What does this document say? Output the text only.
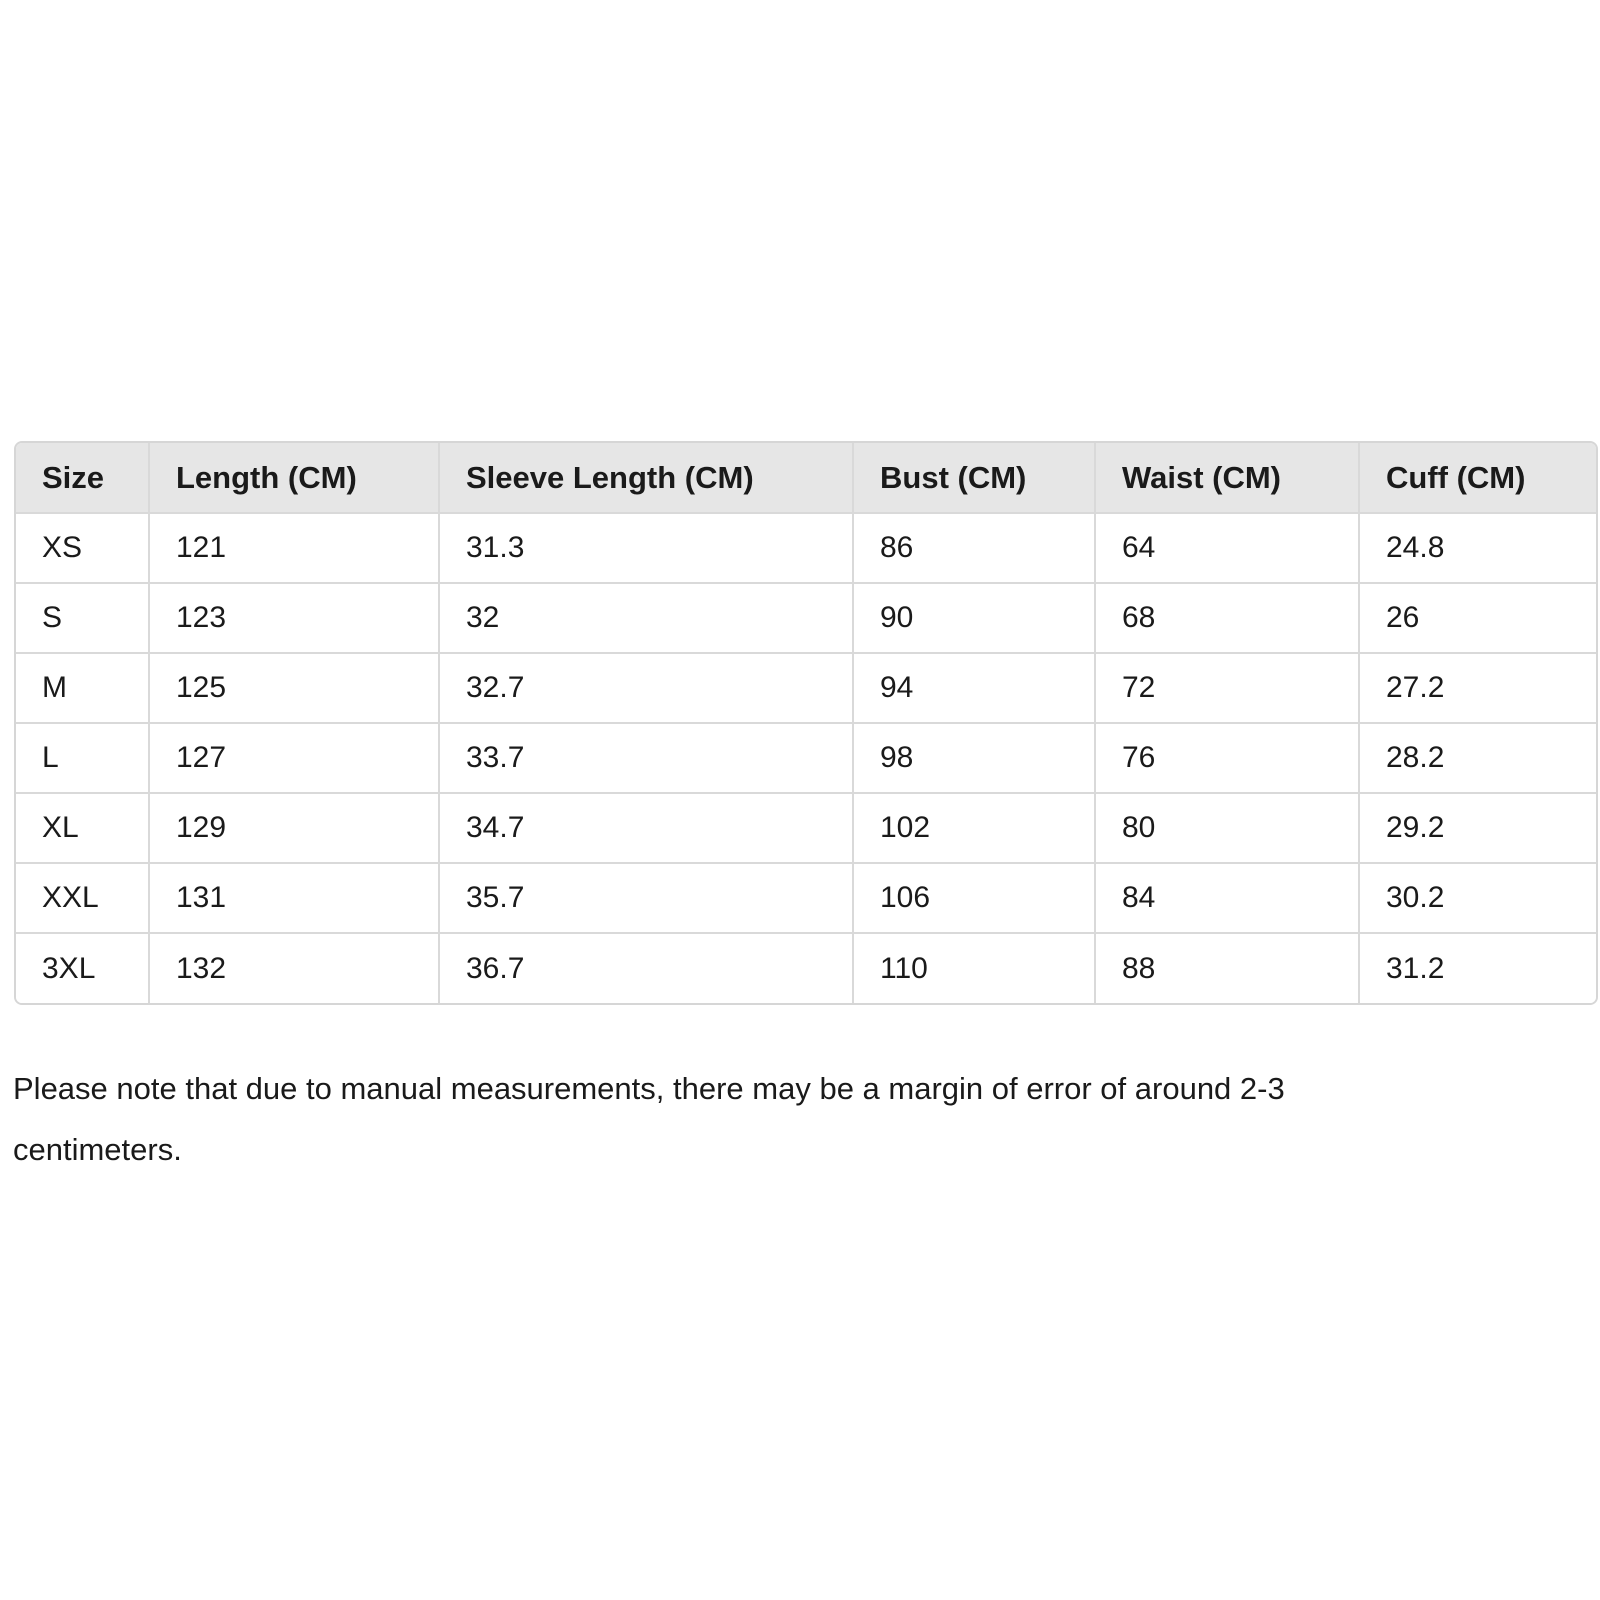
Size	Length (CM)	Sleeve Length (CM)	Bust (CM)	Waist (CM)	Cuff (CM)
XS	121	31.3	86	64	24.8
S	123	32	90	68	26
M	125	32.7	94	72	27.2
L	127	33.7	98	76	28.2
XL	129	34.7	102	80	29.2
XXL	131	35.7	106	84	30.2
3XL	132	36.7	110	88	31.2

Please note that due to manual measurements, there may be a margin of error of around 2-3 centimeters.
